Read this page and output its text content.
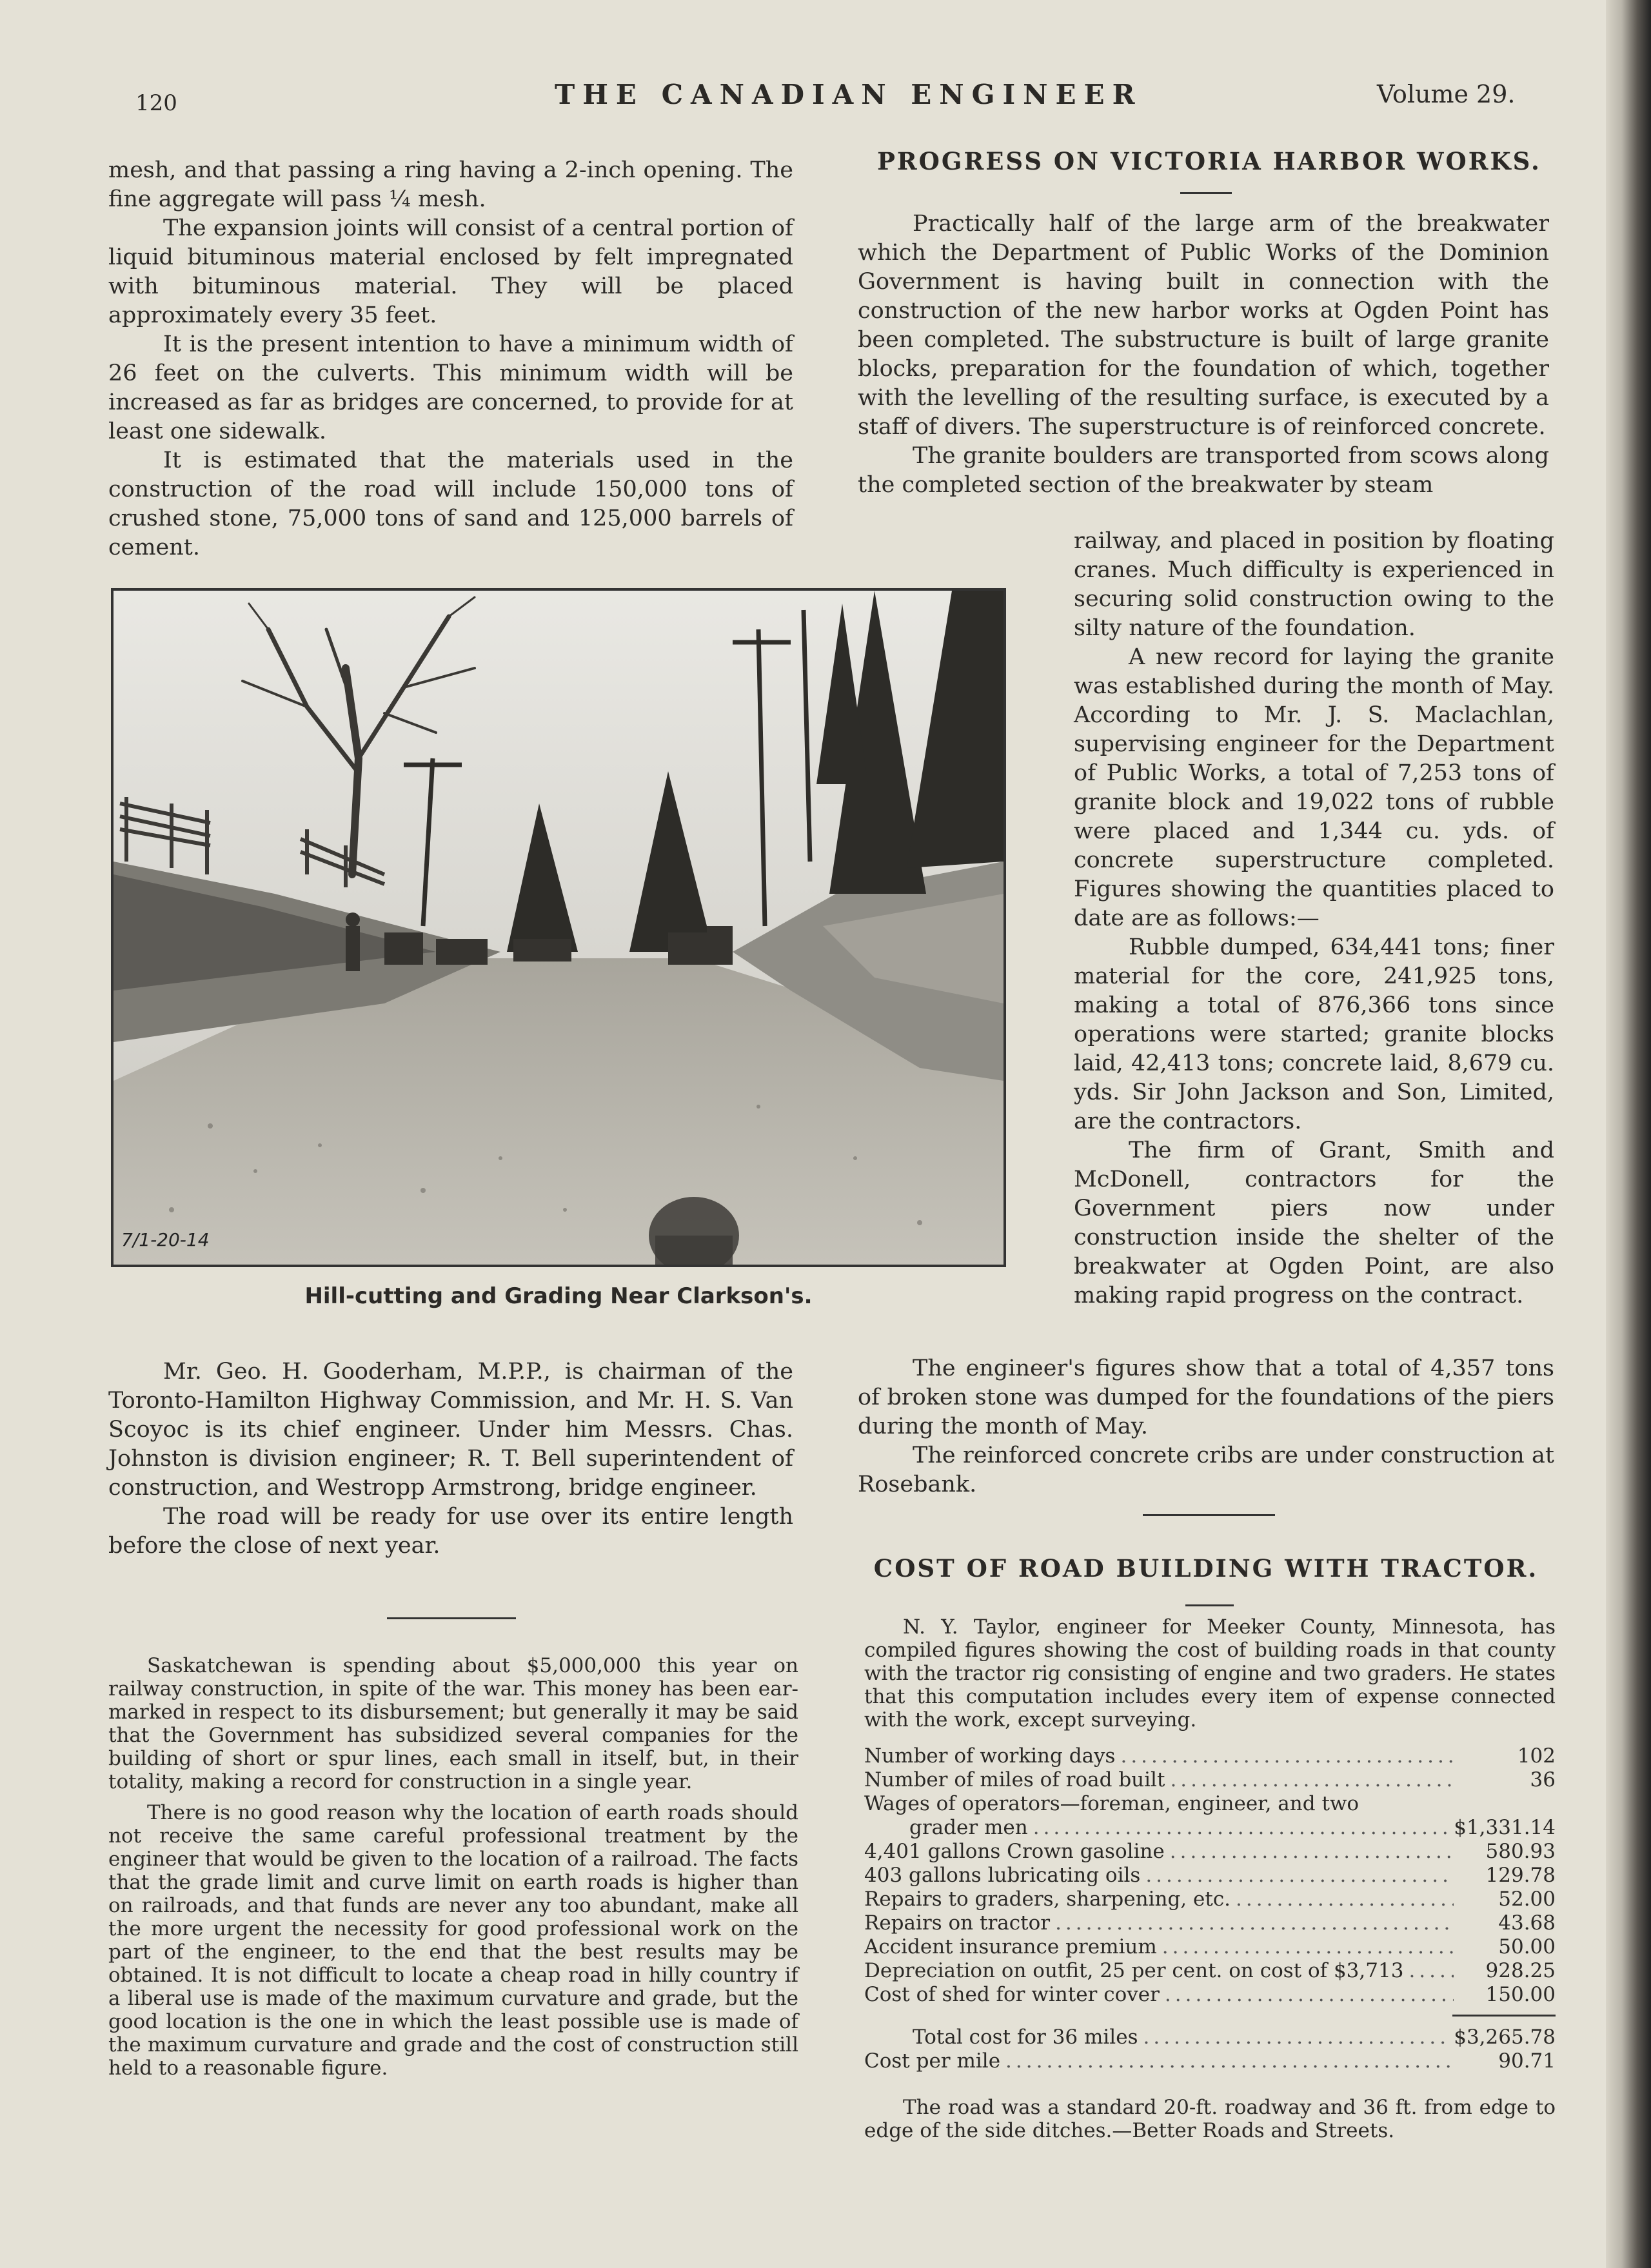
120	THE CANADIAN ENGINEER	Volume 29.

mesh, and that passing a ring having a 2-inch opening. The fine aggregate will pass ¼ mesh.

The expansion joints will consist of a central portion of liquid bituminous material enclosed by felt impregnated with bituminous material. They will be placed approximately every 35 feet.

It is the present intention to have a minimum width of 26 feet on the culverts. This minimum width will be increased as far as bridges are concerned, to provide for at least one sidewalk.

It is estimated that the materials used in the construction of the road will include 150,000 tons of crushed stone, 75,000 tons of sand and 125,000 barrels of cement.

7/1-20-14
Hill-cutting and Grading Near Clarkson's.

Mr. Geo. H. Gooderham, M.P.P., is chairman of the Toronto-Hamilton Highway Commission, and Mr. H. S. Van Scoyoc is its chief engineer. Under him Messrs. Chas. Johnston is division engineer; R. T. Bell superintendent of construction, and Westropp Armstrong, bridge engineer.

The road will be ready for use over its entire length before the close of next year.

Saskatchewan is spending about $5,000,000 this year on railway construction, in spite of the war. This money has been ear-marked in respect to its disbursement; but generally it may be said that the Government has subsidized several companies for the building of short or spur lines, each small in itself, but, in their totality, making a record for construction in a single year.

There is no good reason why the location of earth roads should not receive the same careful professional treatment by the engineer that would be given to the location of a railroad. The facts that the grade limit and curve limit on earth roads is higher than on railroads, and that funds are never any too abundant, make all the more urgent the necessity for good professional work on the part of the engineer, to the end that the best results may be obtained. It is not difficult to locate a cheap road in hilly country if a liberal use is made of the maximum curvature and grade, but the good location is the one in which the least possible use is made of the maximum curvature and grade and the cost of construction still held to a reasonable figure.

PROGRESS ON VICTORIA HARBOR WORKS.

Practically half of the large arm of the breakwater which the Department of Public Works of the Dominion Government is having built in connection with the construction of the new harbor works at Ogden Point has been completed. The substructure is built of large granite blocks, preparation for the foundation of which, together with the levelling of the resulting surface, is executed by a staff of divers. The superstructure is of reinforced concrete.

The granite boulders are transported from scows along the completed section of the breakwater by steam

railway, and placed in position by floating cranes. Much difficulty is experienced in securing solid construction owing to the silty nature of the foundation.

A new record for laying the granite was established during the month of May. According to Mr. J. S. Maclachlan, supervising engineer for the Department of Public Works, a total of 7,253 tons of granite block and 19,022 tons of rubble were placed and 1,344 cu. yds. of concrete superstructure completed. Figures showing the quantities placed to date are as follows:—

Rubble dumped, 634,441 tons; finer material for the core, 241,925 tons, making a total of 876,366 tons since operations were started; granite blocks laid, 42,413 tons; concrete laid, 8,679 cu. yds. Sir John Jackson and Son, Limited, are the contractors.

The firm of Grant, Smith and McDonell, contractors for the Government piers now under construction inside the shelter of the breakwater at Ogden Point, are also making rapid progress on the contract.

The engineer's figures show that a total of 4,357 tons of broken stone was dumped for the foundations of the piers during the month of May.

The reinforced concrete cribs are under construction at Rosebank.

COST OF ROAD BUILDING WITH TRACTOR.

N. Y. Taylor, engineer for Meeker County, Minnesota, has compiled figures showing the cost of building roads in that county with the tractor rig consisting of engine and two graders. He states that this computation includes every item of expense connected with the work, except surveying.

Number of working days .....	102
Number of miles of road built .....	36
Wages of operators—foreman, engineer, and two
grader men .....	$1,331.14
4,401 gallons Crown gasoline .....	580.93
403 gallons lubricating oils .....	129.78
Repairs to graders, sharpening, etc. .....	52.00
Repairs on tractor .....	43.68
Accident insurance premium .....	50.00
Depreciation on outfit, 25 per cent. on cost of $3,713 .....	928.25
Cost of shed for winter cover .....	150.00
Total cost for 36 miles .....	$3,265.78
Cost per mile .....	90.71

The road was a standard 20-ft. roadway and 36 ft. from edge to edge of the side ditches.—Better Roads and Streets.
